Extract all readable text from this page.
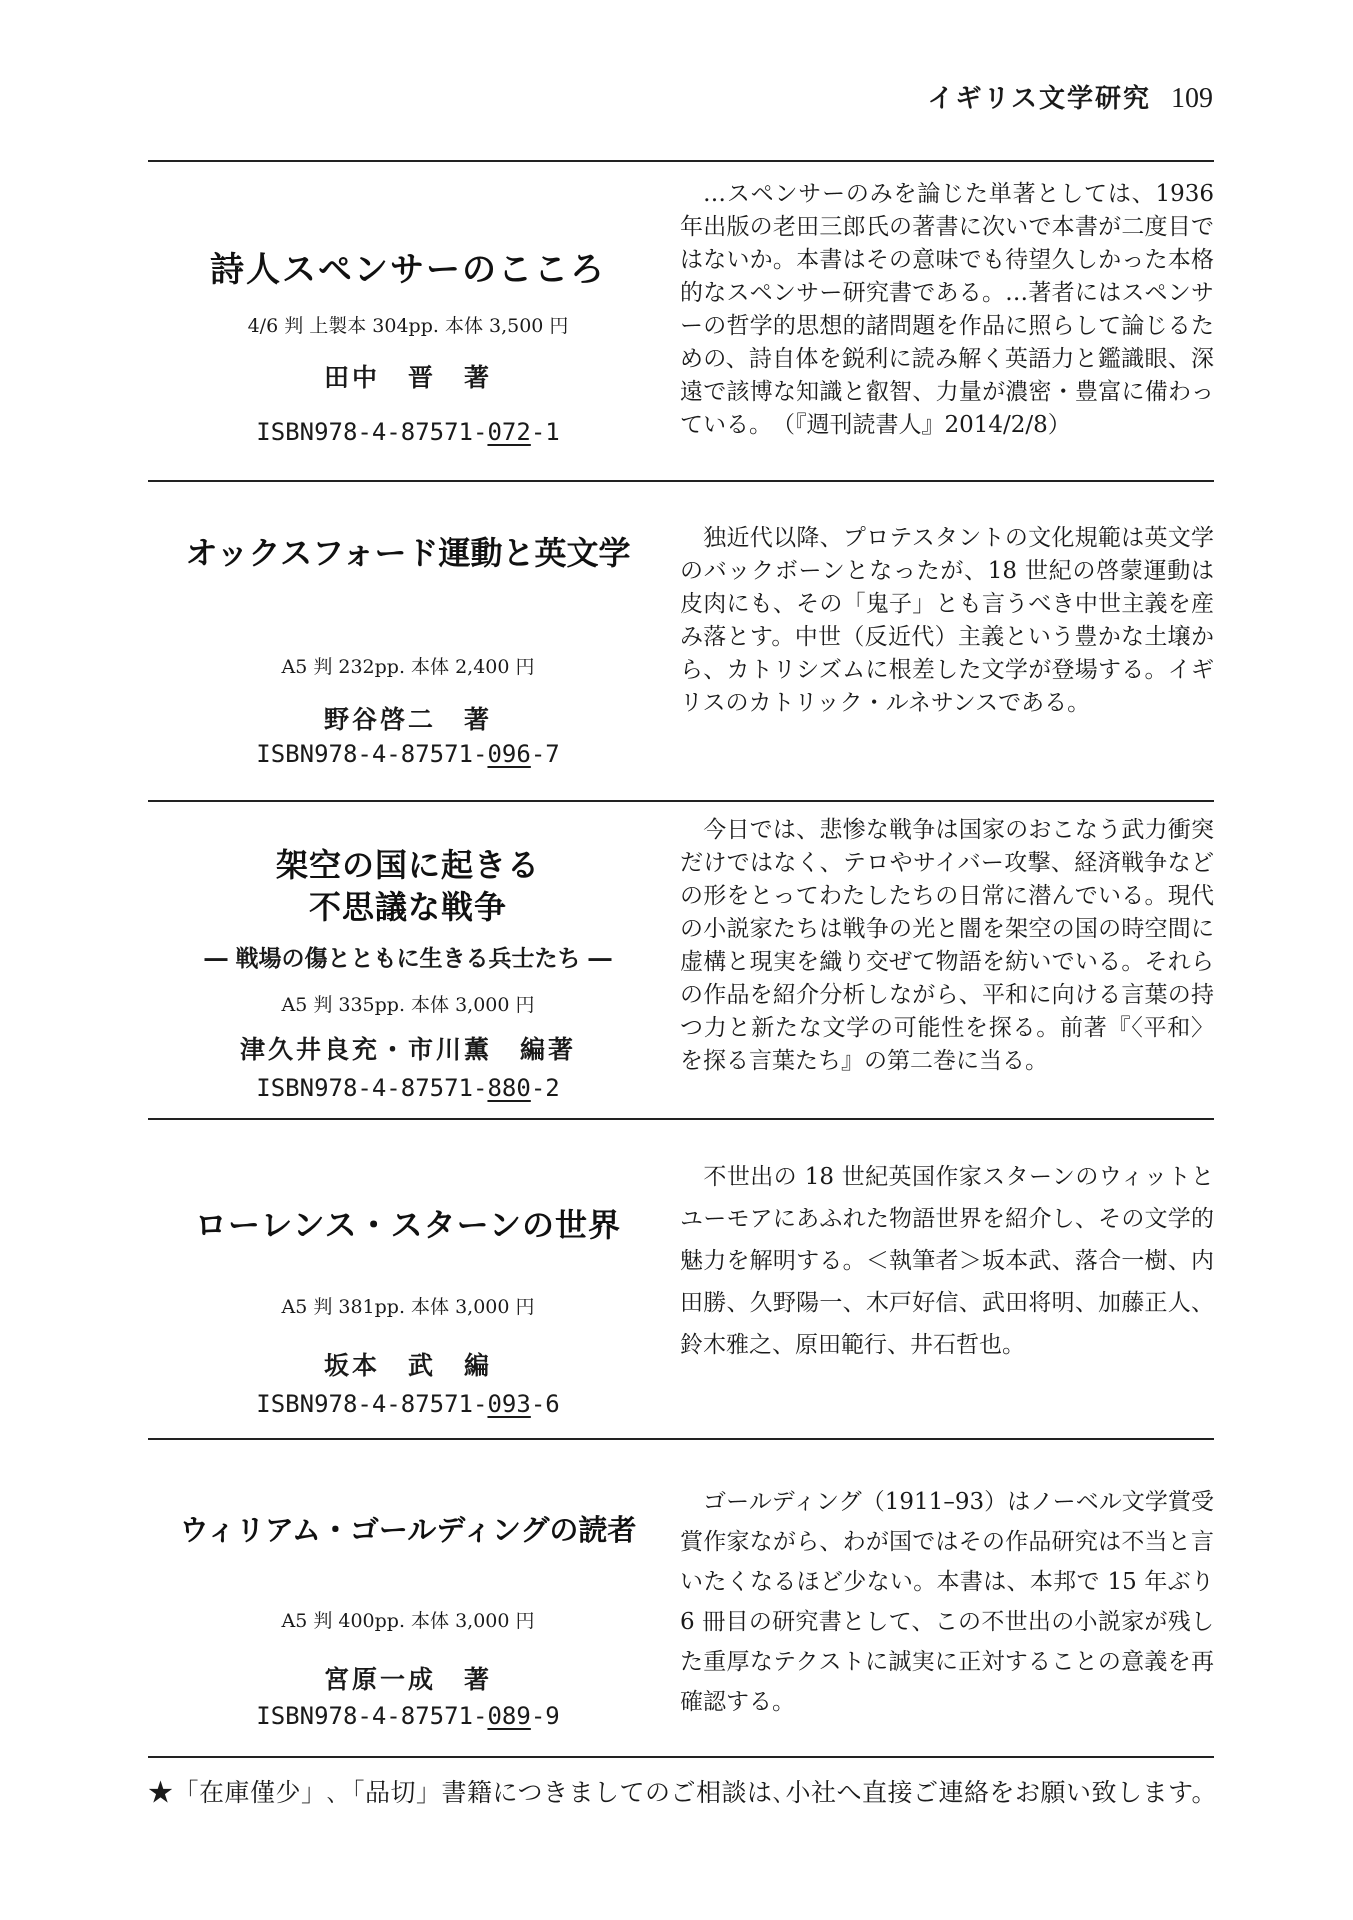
イギリス文学研究 109
詩人スペンサーのこころ
4/6 判 上製本 304pp. 本体 3,500 円
田中　晋　著
ISBN978-4-87571-072-1

…スペンサーのみを論じた単著としては、1936 年出版の老田三郎氏の著書に次いで本書が二度目ではないか。本書はその意味でも待望久しかった本格的なスペンサー研究書である。…著者にはスペンサーの哲学的思想的諸問題を作品に照らして論じるための、詩自体を鋭利に読み解く英語力と鑑識眼、深遠で該博な知識と叡智、力量が濃密・豊富に備わっている。　（『週刊読書人』2014/2/8）

オックスフォード運動と英文学
A5 判 232pp. 本体 2,400 円
野谷啓二　著
ISBN978-4-87571-096-7

独近代以降、プロテスタントの文化規範は英文学のバックボーンとなったが、18 世紀の啓蒙運動は皮肉にも、その「鬼子」とも言うべき中世主義を産み落とす。中世（反近代）主義という豊かな土壌から、カトリシズムに根差した文学が登場する。イギリスのカトリック・ルネサンスである。

架空の国に起きる
不思議な戦争
― 戦場の傷とともに生きる兵士たち ―
A5 判 335pp. 本体 3,000 円
津久井良充・市川薫　編著
ISBN978-4-87571-880-2

今日では、悲惨な戦争は国家のおこなう武力衝突だけではなく、テロやサイバー攻撃、経済戦争などの形をとってわたしたちの日常に潜んでいる。現代の小説家たちは戦争の光と闇を架空の国の時空間に虚構と現実を織り交ぜて物語を紡いでいる。それらの作品を紹介分析しながら、平和に向ける言葉の持つ力と新たな文学の可能性を探る。前著『〈平和〉を探る言葉たち』の第二巻に当る。

ローレンス・スターンの世界
A5 判 381pp. 本体 3,000 円
坂本　武　編
ISBN978-4-87571-093-6

不世出の 18 世紀英国作家スターンのウィットとユーモアにあふれた物語世界を紹介し、その文学的魅力を解明する。＜執筆者＞坂本武、落合一樹、内田勝、久野陽一、木戸好信、武田将明、加藤正人、鈴木雅之、原田範行、井石哲也。

ウィリアム・ゴールディングの読者
A5 判 400pp. 本体 3,000 円
宮原一成　著
ISBN978-4-87571-089-9

ゴールディング（1911–93）はノーベル文学賞受賞作家ながら、わが国ではその作品研究は不当と言いたくなるほど少ない。本書は、本邦で 15 年ぶり 6 冊目の研究書として、この不世出の小説家が残した重厚なテクストに誠実に正対することの意義を再確認する。

★「在庫僅少」､「品切」書籍につきましてのご相談は､小社へ直接ご連絡をお願い致します。
